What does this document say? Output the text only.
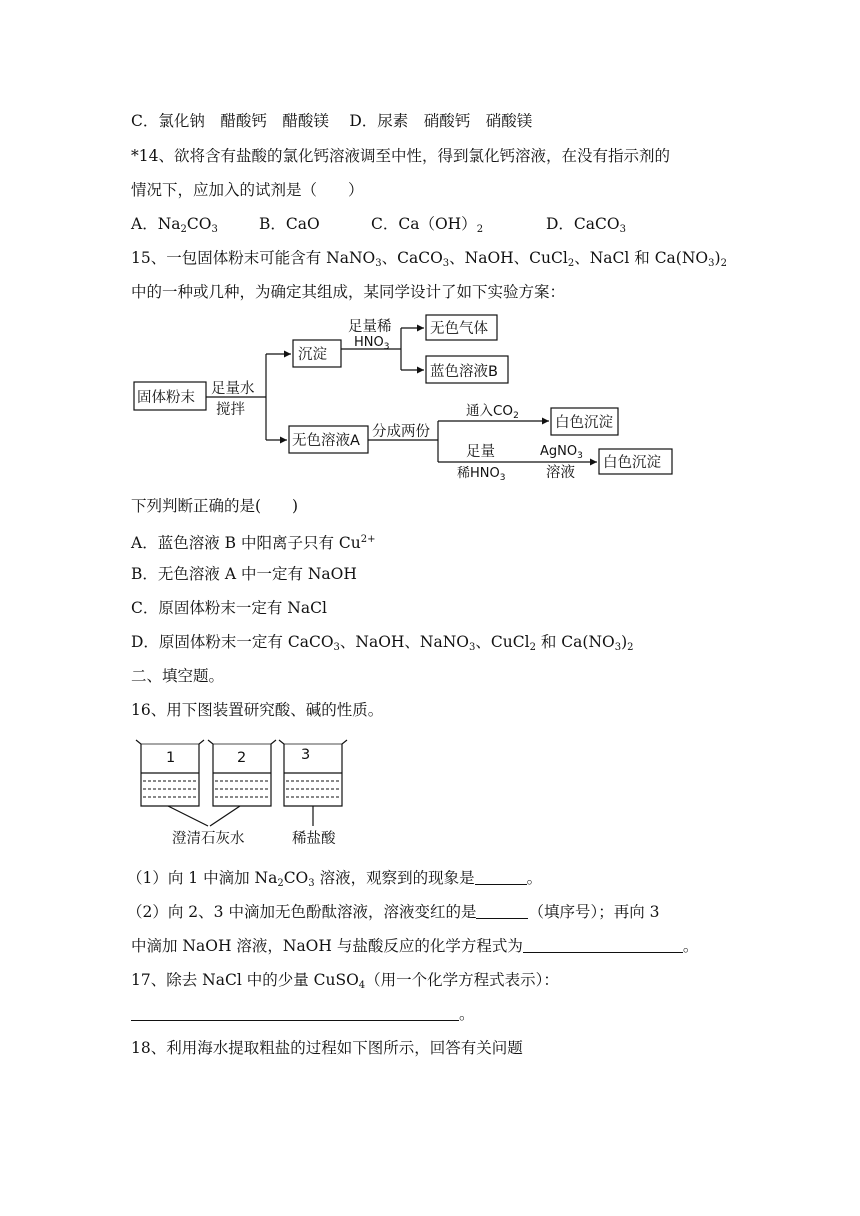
C．氯化钠　醋酸钙　醋酸镁　 D．尿素　硝酸钙　硝酸镁
*14、欲将含有盐酸的氯化钙溶液调至中性，得到氯化钙溶液，在没有指示剂的
情况下，应加入的试剂是（　　）
A．$Na_2CO_3$	B．CaO	C．$Ca(OH)_2$	D．CaCO$_3$
15、一包固体粉末可能含有 NaNO$_3$、CaCO$_3$、NaOH、CuCl$_2$、NaCl 和 $Ca(NO_3)_2$
中的一种或几种，为确定其组成，某同学设计了如下实验方案：
固体粉末
足量水
搅拌
沉淀
足量稀
$HNO_3$
无色气体
蓝色溶液B
无色溶液A
分成两份
通入$CO_2$ 白色沉淀
足量
稀$HNO_3$
AgNO$_3$
溶液
白色沉淀
下列判断正确的是(　　)
A．蓝色溶液 B 中阳离子只有 $Cu^{2+}$
B．无色溶液 A 中一定有 NaOH
C．原固体粉末一定有 NaCl
D．原固体粉末一定有 CaCO$_3$、NaOH、NaNO$_3$、CuCl$_2$ 和 $Ca(NO_3)_2$
二、填空题。
16、用下图装置研究酸、碱的性质。
1	2	3
澄清石灰水	稀盐酸
（1）向 1 中滴加 $Na_2CO_3$ 溶液，观察到的现象是	。
（2）向 2、3 中滴加无色酚酞溶液，溶液变红的是	（填序号）；再向 3
中滴加 NaOH 溶液，NaOH 与盐酸反应的化学方程式为	。
17、除去 NaCl 中的少量 CuSO$_4$（用一个化学方程式表示）：
。
18、利用海水提取粗盐的过程如下图所示，回答有关问题
